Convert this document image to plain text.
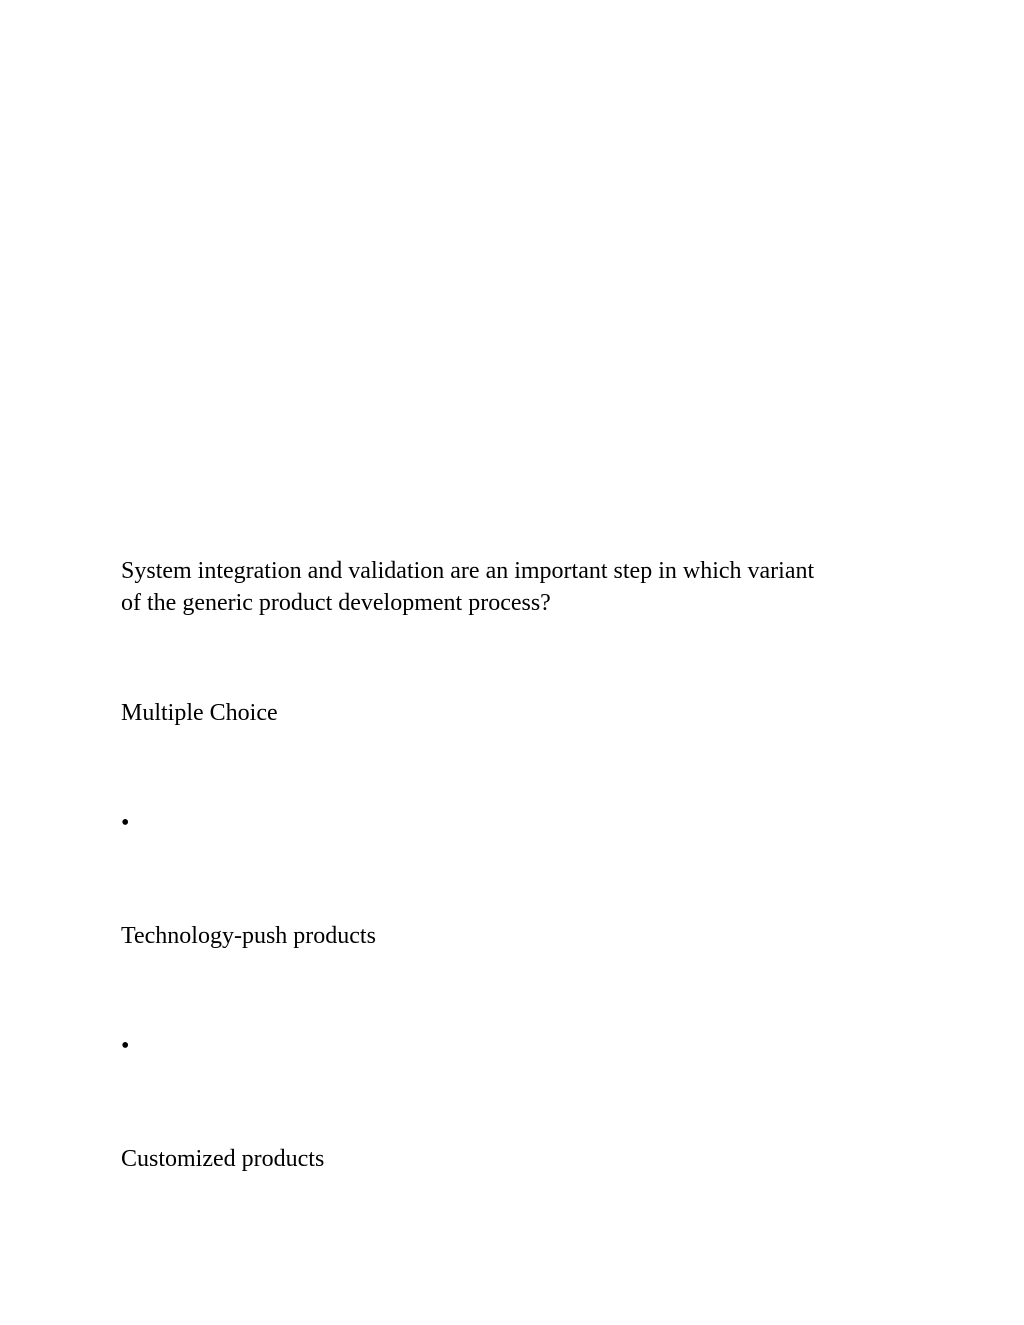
System integration and validation are an important step in which variant
of the generic product development process?
Multiple Choice
•
Technology-push products
•
Customized products
